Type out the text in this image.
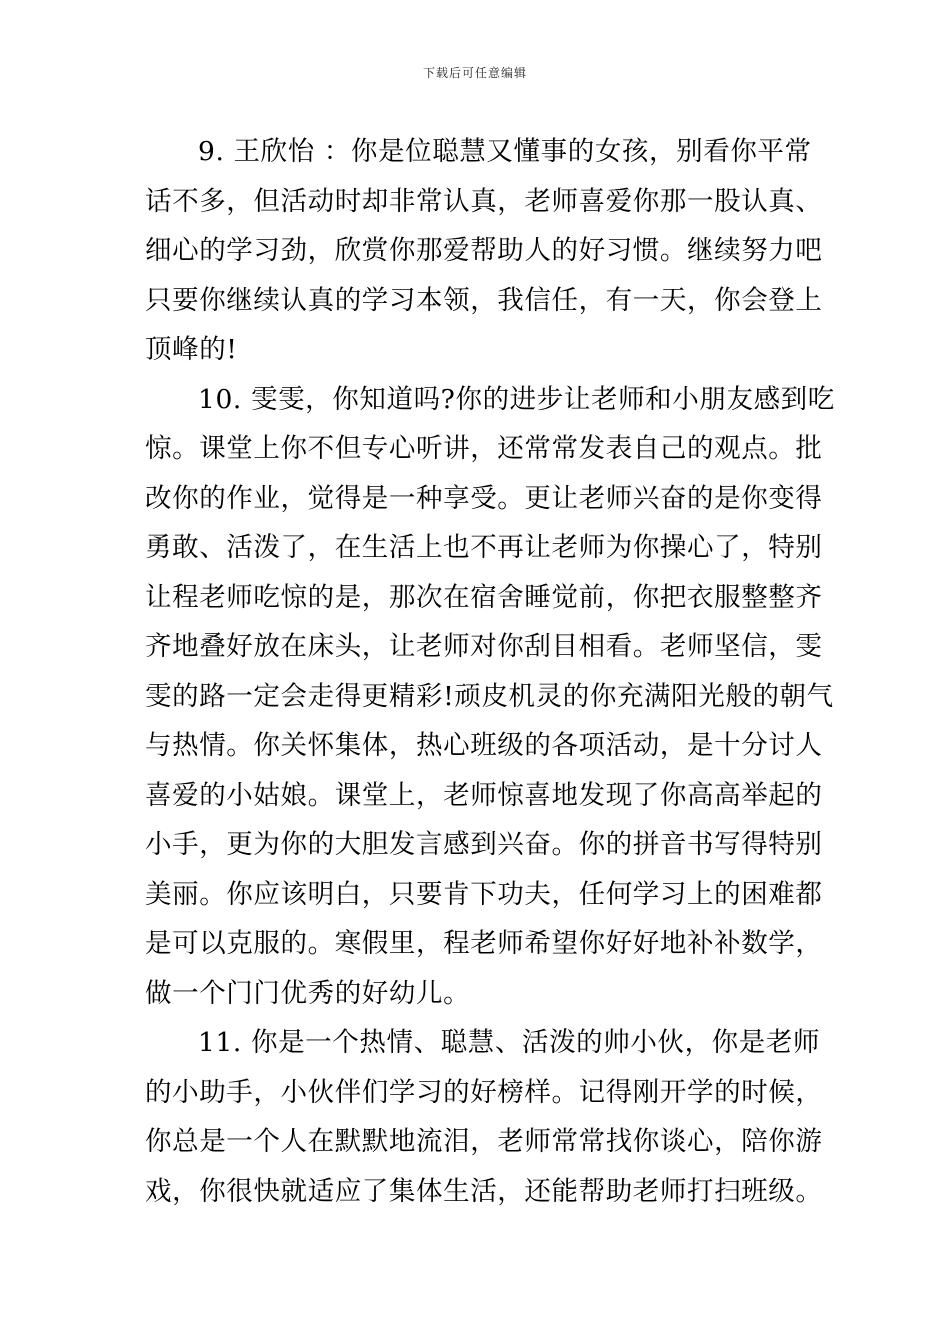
下载后可任意编辑
9. 王欣怡 ：你是位聪慧又懂事的女孩，别看你平常
话不多，但活动时却非常认真，老师喜爱你那一股认真、
细心的学习劲，欣赏你那爱帮助人的好习惯。继续努力吧
只要你继续认真的学习本领，我信任，有一天，你会登上
顶峰的!
10. 雯雯，你知道吗?你的进步让老师和小朋友感到吃
惊。课堂上你不但专心听讲，还常常发表自己的观点。批
改你的作业，觉得是一种享受。更让老师兴奋的是你变得
勇敢、活泼了，在生活上也不再让老师为你操心了，特别
让程老师吃惊的是，那次在宿舍睡觉前，你把衣服整整齐
齐地叠好放在床头，让老师对你刮目相看。老师坚信，雯
雯的路一定会走得更精彩!顽皮机灵的你充满阳光般的朝气
与热情。你关怀集体，热心班级的各项活动，是十分讨人
喜爱的小姑娘。课堂上，老师惊喜地发现了你高高举起的
小手，更为你的大胆发言感到兴奋。你的拼音书写得特别
美丽。你应该明白，只要肯下功夫，任何学习上的困难都
是可以克服的。寒假里，程老师希望你好好地补补数学，
做一个门门优秀的好幼儿。
11. 你是一个热情、聪慧、活泼的帅小伙，你是老师
的小助手，小伙伴们学习的好榜样。记得刚开学的时候，
你总是一个人在默默地流泪，老师常常找你谈心，陪你游
戏，你很快就适应了集体生活，还能帮助老师打扫班级。
